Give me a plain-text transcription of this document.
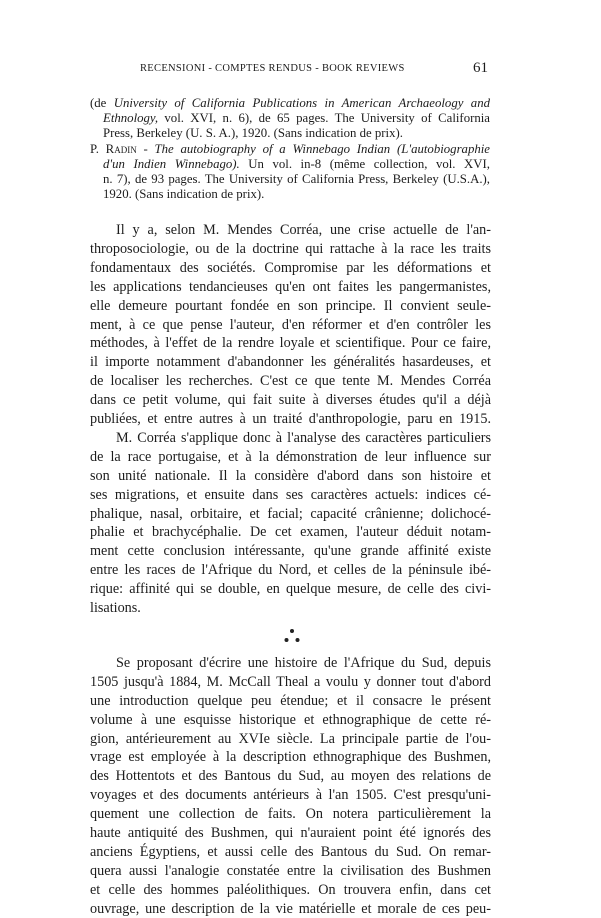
RECENSIONI - COMPTES RENDUS - BOOK REVIEWS	61
(de University of California Publications in American Archaeology and
Ethnology, vol. XVI, n. 6), de 65 pages. The University of California
Press, Berkeley (U. S. A.), 1920. (Sans indication de prix).
P. Radin - The autobiography of a Winnebago Indian (L'autobiographie
d'un Indien Winnebago). Un vol. in-8 (même collection, vol. XVI,
n. 7), de 93 pages. The University of California Press, Berkeley (U.S.A.),
1920. (Sans indication de prix).
Il y a, selon M. Mendes Corréa, une crise actuelle de l'an-
throposociologie, ou de la doctrine qui rattache à la race les traits
fondamentaux des sociétés. Compromise par les déformations et
les applications tendancieuses qu'en ont faites les pangermanistes,
elle demeure pourtant fondée en son principe. Il convient seule-
ment, à ce que pense l'auteur, d'en réformer et d'en contrôler les
méthodes, à l'effet de la rendre loyale et scientifique. Pour ce faire,
il importe notamment d'abandonner les généralités hasardeuses, et
de localiser les recherches. C'est ce que tente M. Mendes Corréa
dans ce petit volume, qui fait suite à diverses études qu'il a déjà
publiées, et entre autres à un traité d'anthropologie, paru en 1915.
M. Corréa s'applique donc à l'analyse des caractères particuliers
de la race portugaise, et à la démonstration de leur influence sur
son unité nationale. Il la considère d'abord dans son histoire et
ses migrations, et ensuite dans ses caractères actuels: indices cé-
phalique, nasal, orbitaire, et facial; capacité crânienne; dolichocé-
phalie et brachycéphalie. De cet examen, l'auteur déduit notam-
ment cette conclusion intéressante, qu'une grande affinité existe
entre les races de l'Afrique du Nord, et celles de la péninsule ibé-
rique: affinité qui se double, en quelque mesure, de celle des civi-
lisations.
Se proposant d'écrire une histoire de l'Afrique du Sud, depuis
1505 jusqu'à 1884, M. McCall Theal a voulu y donner tout d'abord
une introduction quelque peu étendue; et il consacre le présent
volume à une esquisse historique et ethnographique de cette ré-
gion, antérieurement au XVIe siècle. La principale partie de l'ou-
vrage est employée à la description ethnographique des Bushmen,
des Hottentots et des Bantous du Sud, au moyen des relations de
voyages et des documents antérieurs à l'an 1505. C'est presqu'uni-
quement une collection de faits. On notera particulièrement la
haute antiquité des Bushmen, qui n'auraient point été ignorés des
anciens Égyptiens, et aussi celle des Bantous du Sud. On remar-
quera aussi l'analogie constatée entre la civilisation des Bushmen
et celle des hommes paléolithiques. On trouvera enfin, dans cet
ouvrage, une description de la vie matérielle et morale de ces peu-
